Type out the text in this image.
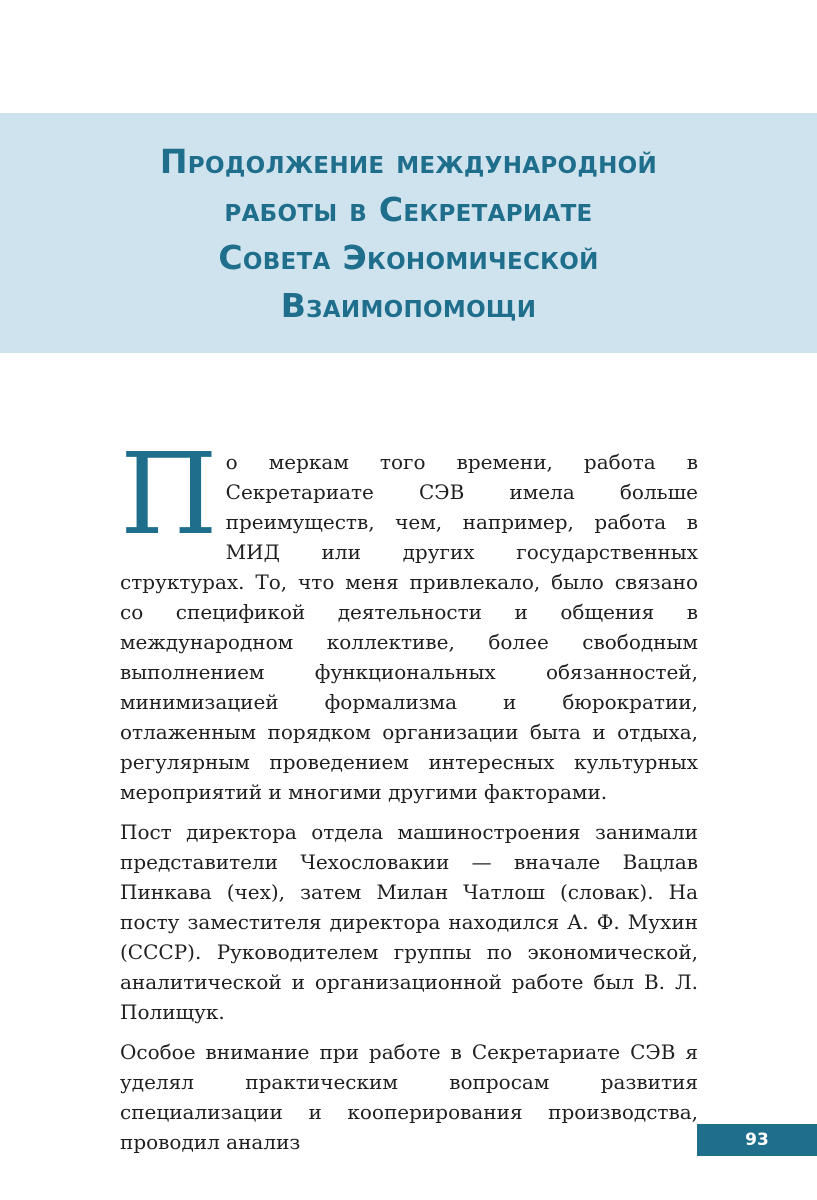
Продолжение международной
работы в Секретариате
Совета Экономической
Взаимопомощи

По меркам того времени, работа в Секретариате СЭВ имела больше преимуществ, чем, например, работа в МИД или других государственных структурах. То, что меня привлекало, было связано со спецификой деятельности и общения в международном коллективе, более свободным выполнением функциональных обязанностей, минимизацией формализма и бюрократии, отлаженным порядком организации быта и отдыха, регулярным проведением интересных культурных мероприятий и многими другими факторами.

Пост директора отдела машиностроения занимали представители Чехословакии — вначале Вацлав Пинкава (чех), затем Милан Чатлош (словак). На посту заместителя директора находился А. Ф. Мухин (СССР). Руководителем группы по экономической, аналитической и организационной работе был В. Л. Полищук.

Особое внимание при работе в Секретариате СЭВ я уделял практическим вопросам развития специализации и кооперирования производства, проводил анализ	93
